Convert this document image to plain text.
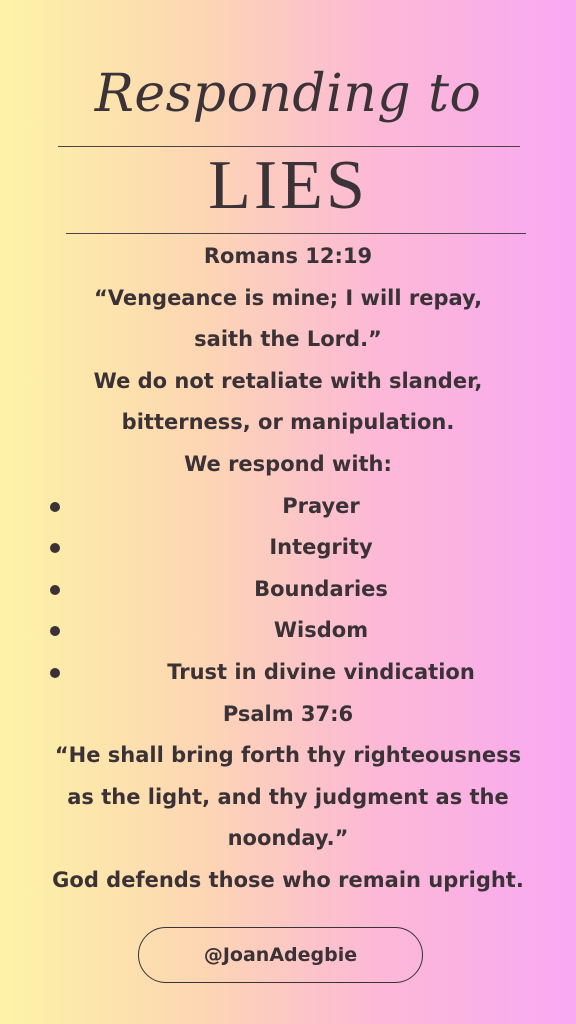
Responding to
LIES
Romans 12:19
“Vengeance is mine; I will repay,
saith the Lord.”
We do not retaliate with slander,
bitterness, or manipulation.
We respond with:
Prayer
Integrity
Boundaries
Wisdom
Trust in divine vindication
Psalm 37:6
“He shall bring forth thy righteousness
as the light, and thy judgment as the
noonday.”
God defends those who remain upright.
@JoanAdegbie
